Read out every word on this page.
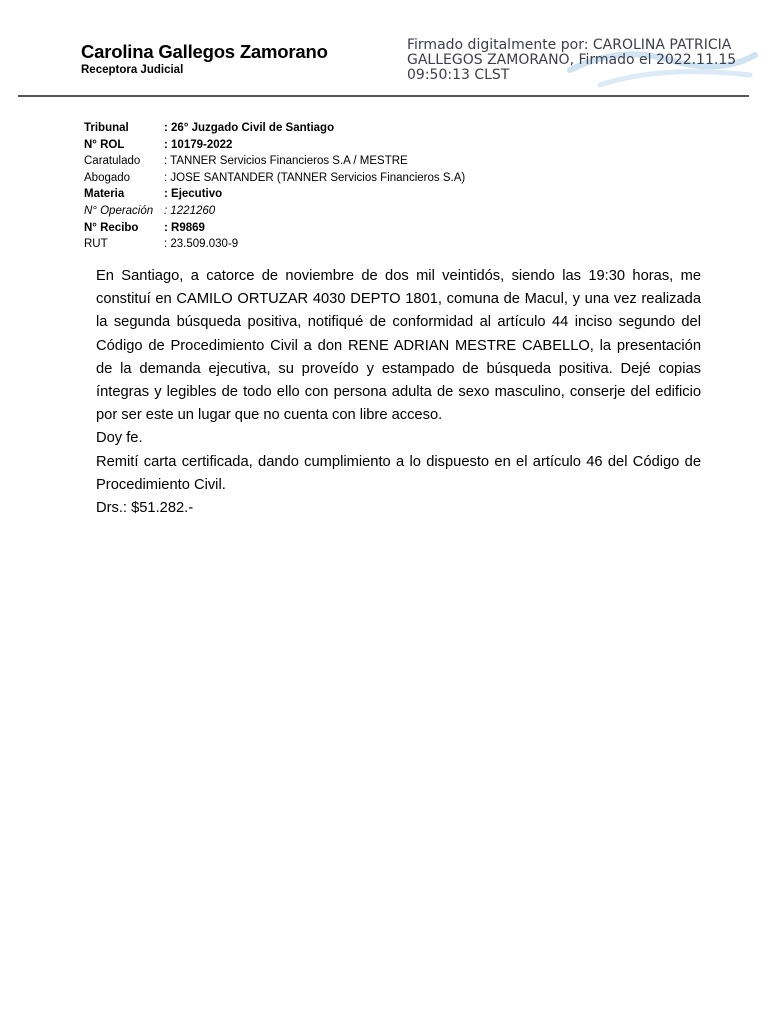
Carolina Gallegos Zamorano
Receptora Judicial
Firmado digitalmente por: CAROLINA PATRICIA GALLEGOS ZAMORANO, Firmado el 2022.11.15 09:50:13 CLST
Tribunal	: 26° Juzgado Civil de Santiago
N° ROL	: 10179-2022
Caratulado	: TANNER Servicios Financieros S.A / MESTRE
Abogado	: JOSE SANTANDER (TANNER Servicios Financieros S.A)
Materia	: Ejecutivo
N° Operación : 1221260
N° Recibo	: R9869
RUT	: 23.509.030-9

En Santiago, a catorce de noviembre de dos mil veintidós, siendo las 19:30 horas, me constituí en CAMILO ORTUZAR 4030 DEPTO 1801, comuna de Macul, y una vez realizada la segunda búsqueda positiva, notifiqué de conformidad al artículo 44 inciso segundo del Código de Procedimiento Civil a don RENE ADRIAN MESTRE CABELLO, la presentación de la demanda ejecutiva, su proveído y estampado de búsqueda positiva. Dejé copias íntegras y legibles de todo ello con persona adulta de sexo masculino, conserje del edificio por ser este un lugar que no cuenta con libre acceso.

Doy fe.

Remití carta certificada, dando cumplimiento a lo dispuesto en el artículo 46 del Código de Procedimiento Civil.

Drs.: $51.282.-
